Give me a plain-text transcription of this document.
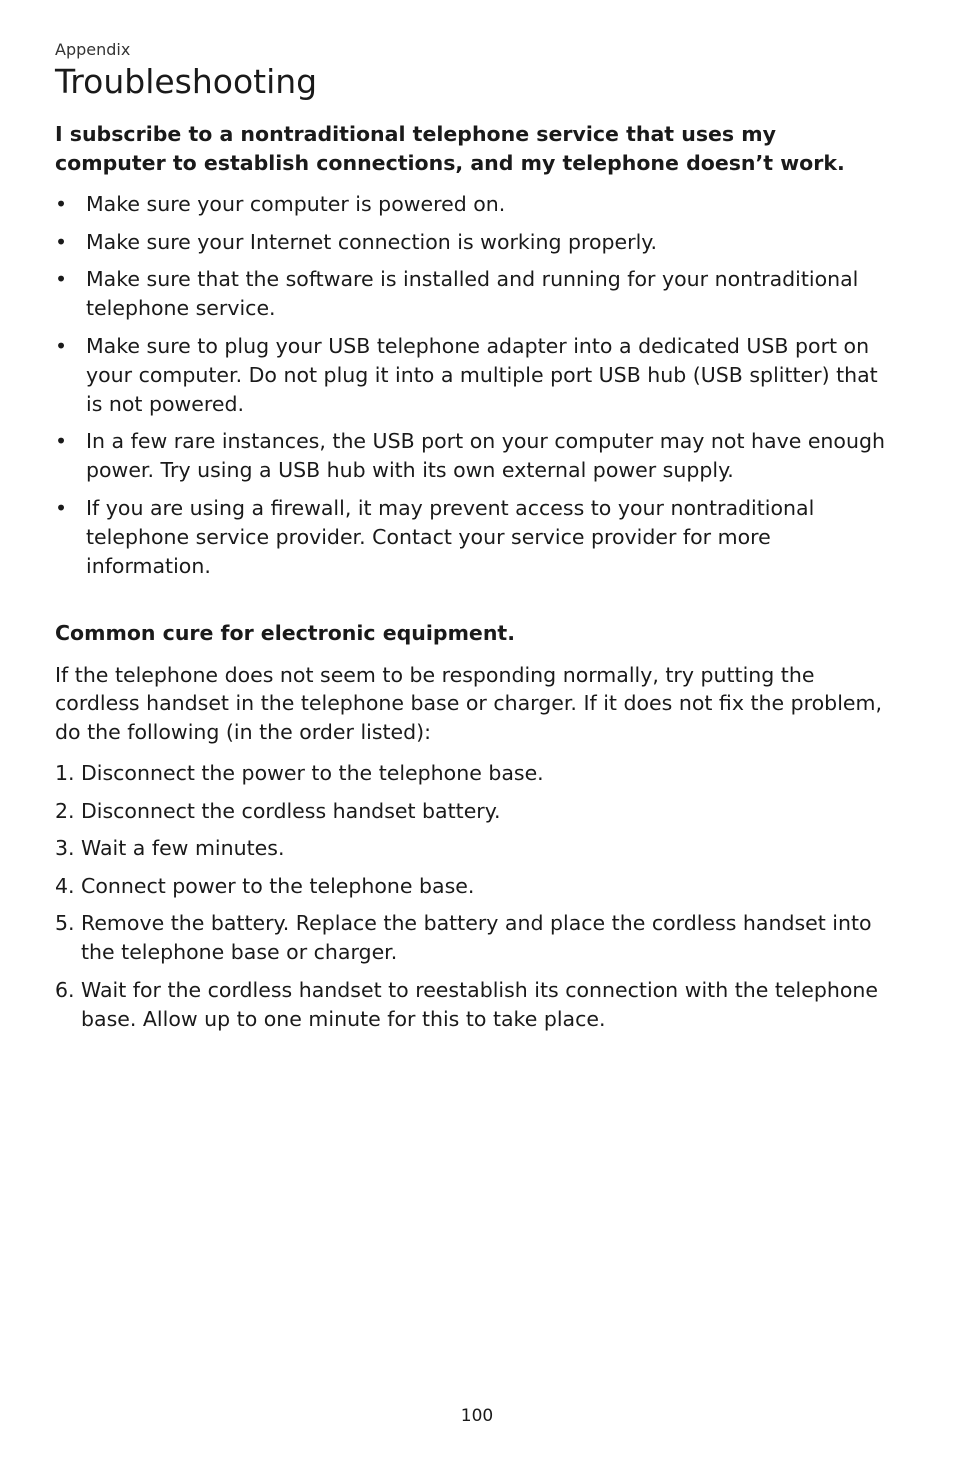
Appendix

Troubleshooting
I subscribe to a nontraditional telephone service that uses my computer to establish connections, and my telephone doesn’t work.
• Make sure your computer is powered on.
• Make sure your Internet connection is working properly.
• Make sure that the software is installed and running for your nontraditional telephone service.
• Make sure to plug your USB telephone adapter into a dedicated USB port on your computer. Do not plug it into a multiple port USB hub (USB splitter) that is not powered.
• In a few rare instances, the USB port on your computer may not have enough power. Try using a USB hub with its own external power supply.
• If you are using a firewall, it may prevent access to your nontraditional telephone service provider. Contact your service provider for more information.
Common cure for electronic equipment.

If the telephone does not seem to be responding normally, try putting the cordless handset in the telephone base or charger. If it does not fix the problem, do the following (in the order listed):

1. Disconnect the power to the telephone base.
2. Disconnect the cordless handset battery.
3. Wait a few minutes.
4. Connect power to the telephone base.
5. Remove the battery. Replace the battery and place the cordless handset into the telephone base or charger.
6. Wait for the cordless handset to reestablish its connection with the telephone base. Allow up to one minute for this to take place.
100
